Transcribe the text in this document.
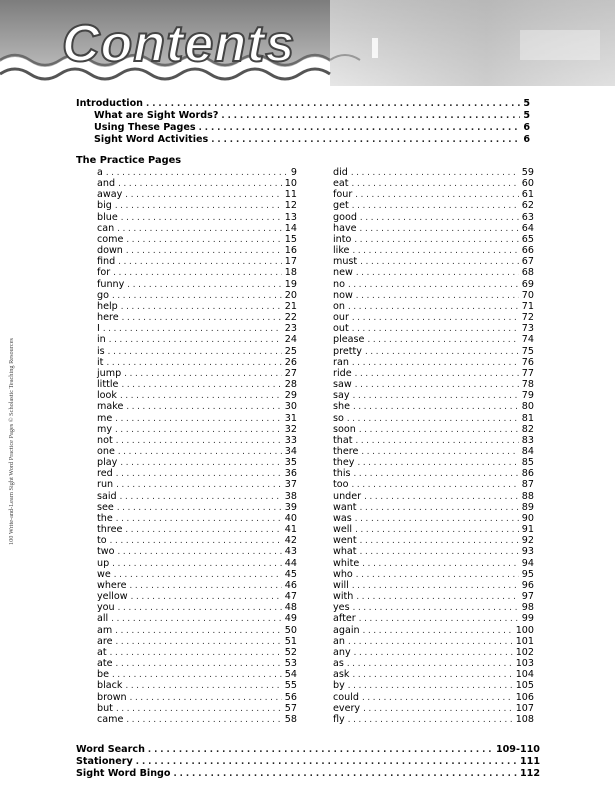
Contents
100 Write-and-Learn Sight Word Practice Pages © Scholastic Teaching Resources
Introduction . . .	5
What are Sight Words? . . .	5
Using These Pages . . .	6
Sight Word Activities . . .	6
The Practice Pages
a . . .	9
and . . .	10
away . . .	11
big . . .	12
blue . . .	13
can . . .	14
come . . .	15
down . . .	16
find . . .	17
for . . .	18
funny . . .	19
go . . .	20
help . . .	21
here . . .	22
I . . .	23
in . . .	24
is . . .	25
it . . .	26
jump . . .	27
little . . .	28
look . . .	29
make . . .	30
me . . .	31
my . . .	32
not . . .	33
one . . .	34
play . . .	35
red . . .	36
run . . .	37
said . . .	38
see . . .	39
the . . .	40
three . . .	41
to . . .	42
two . . .	43
up . . .	44
we . . .	45
where . . .	46
yellow . . .	47
you . . .	48
all . . .	49
am . . .	50
are . . .	51
at . . .	52
ate . . .	53
be . . .	54
black . . .	55
brown . . .	56
but . . .	57
came . . .	58
did . . .	59
eat . . .	60
four . . .	61
get . . .	62
good . . .	63
have . . .	64
into . . .	65
like . . .	66
must . . .	67
new . . .	68
no . . .	69
now . . .	70
on . . .	71
our . . .	72
out . . .	73
please . . .	74
pretty . . .	75
ran . . .	76
ride . . .	77
saw . . .	78
say . . .	79
she . . .	80
so . . .	81
soon . . .	82
that . . .	83
there . . .	84
they . . .	85
this . . .	86
too . . .	87
under . . .	88
want . . .	89
was . . .	90
well . . .	91
went . . .	92
what . . .	93
white . . .	94
who . . .	95
will . . .	96
with . . .	97
yes . . .	98
after . . .	99
again . . .	100
an . . .	101
any . . .	102
as . . .	103
ask . . .	104
by . . .	105
could . . .	106
every . . .	107
fly . . .	108
Word Search . . .	109-110
Stationery . . .	111
Sight Word Bingo . . .	112
